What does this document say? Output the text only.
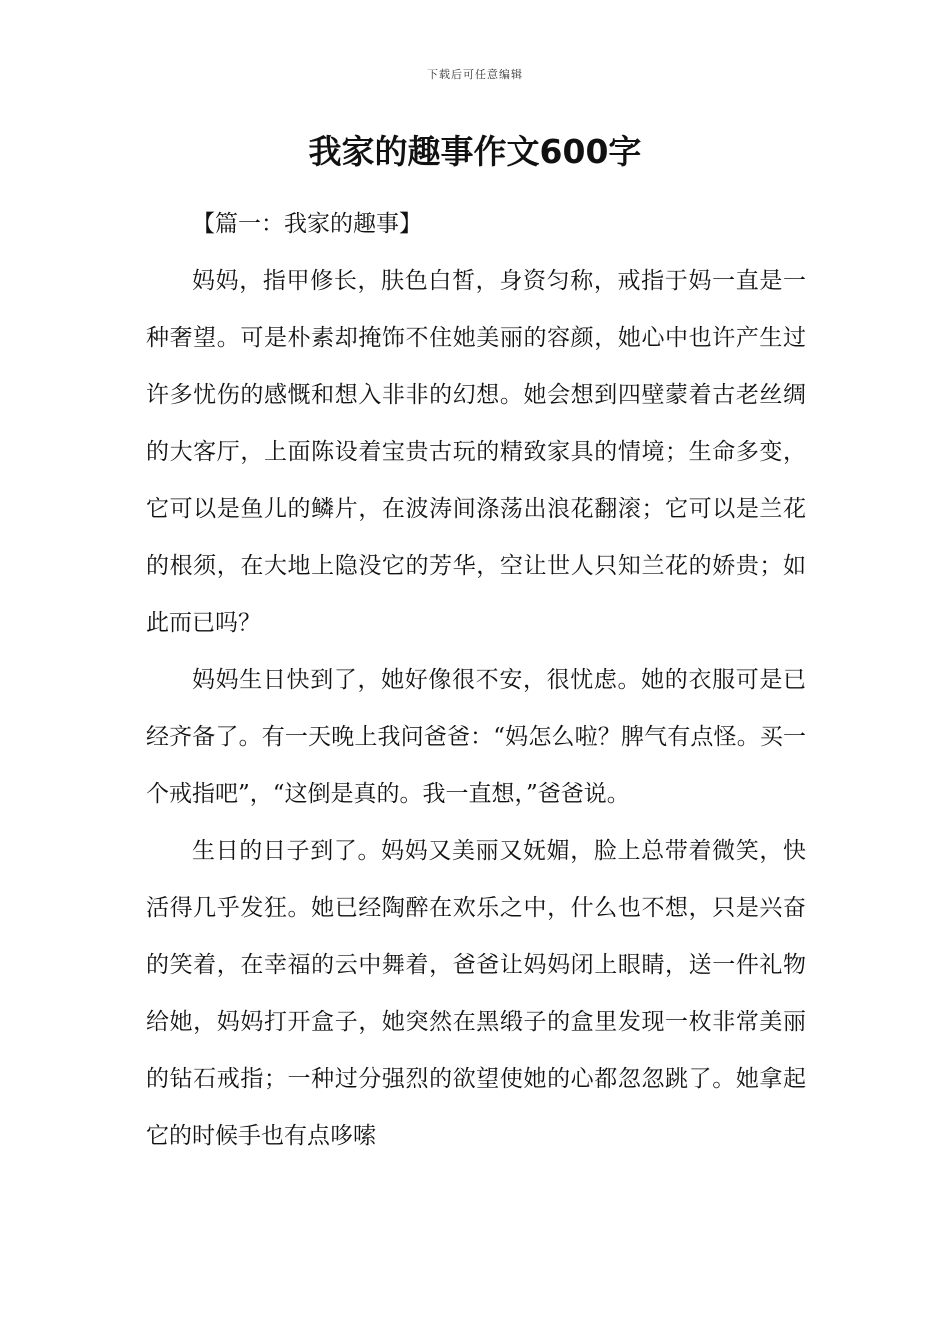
下载后可任意编辑
我家的趣事作文600字
【篇一：我家的趣事】

妈妈，指甲修长，肤色白皙，身资匀称，戒指于妈一直是一种奢望。可是朴素却掩饰不住她美丽的容颜，她心中也许产生过许多忧伤的感慨和想入非非的幻想。她会想到四壁蒙着古老丝绸的大客厅，上面陈设着宝贵古玩的精致家具的情境；生命多变，它可以是鱼儿的鳞片，在波涛间涤荡出浪花翻滚；它可以是兰花的根须，在大地上隐没它的芳华，空让世人只知兰花的娇贵；如此而已吗？

妈妈生日快到了，她好像很不安，很忧虑。她的衣服可是已经齐备了。有一天晚上我问爸爸：“妈怎么啦？脾气有点怪。买一个戒指吧”，“这倒是真的。我一直想，”爸爸说。

生日的日子到了。妈妈又美丽又妩媚，脸上总带着微笑，快活得几乎发狂。她已经陶醉在欢乐之中，什么也不想，只是兴奋的笑着，在幸福的云中舞着，爸爸让妈妈闭上眼睛，送一件礼物给她，妈妈打开盒子，她突然在黑缎子的盒里发现一枚非常美丽的钻石戒指；一种过分强烈的欲望使她的心都忽忽跳了。她拿起它的时候手也有点哆嗦
